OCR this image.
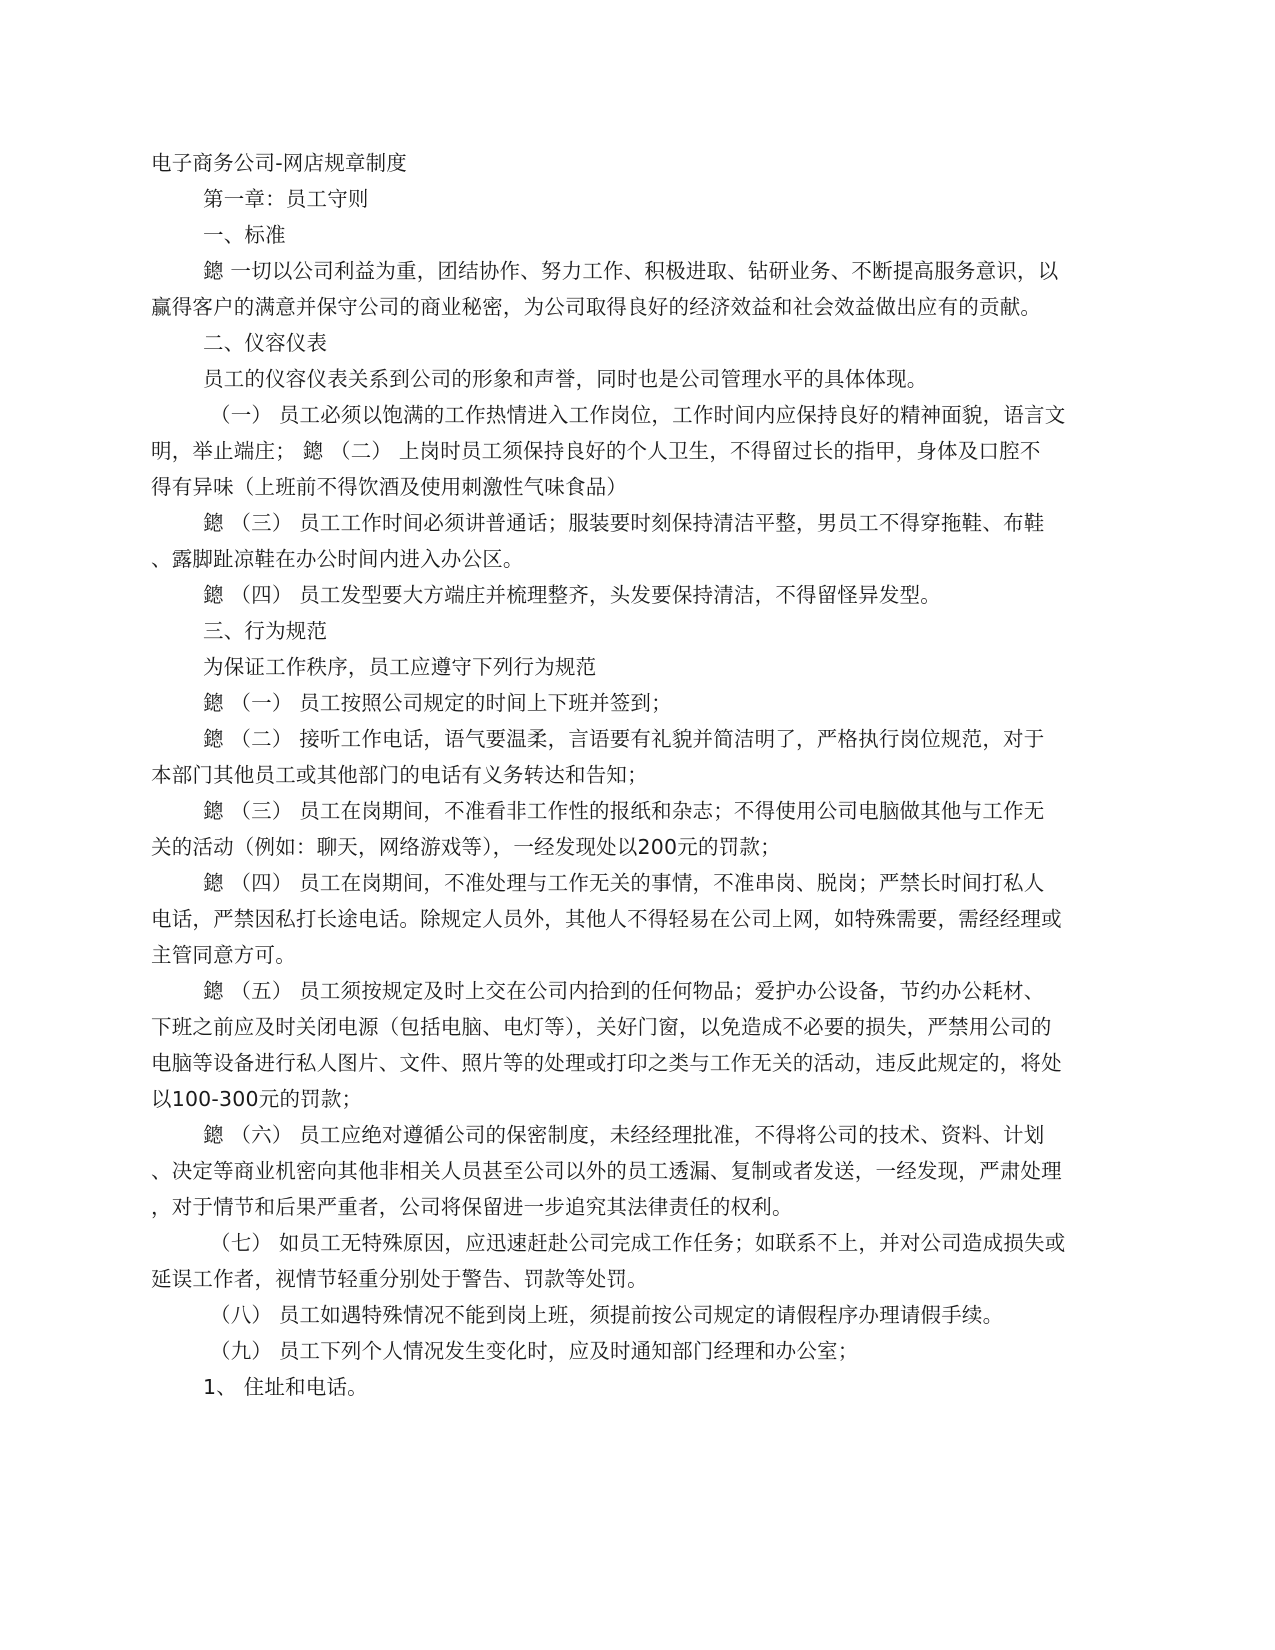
电子商务公司-网店规章制度
第一章：员工守则
一、标准
鏓 一切以公司利益为重，团结协作、努力工作、积极进取、钻研业务、不断提高服务意识，以
赢得客户的满意并保守公司的商业秘密，为公司取得良好的经济效益和社会效益做出应有的贡献。
二、仪容仪表
员工的仪容仪表关系到公司的形象和声誉，同时也是公司管理水平的具体体现。
（一） 员工必须以饱满的工作热情进入工作岗位，工作时间内应保持良好的精神面貌，语言文
明，举止端庄； 鏓 （二） 上岗时员工须保持良好的个人卫生，不得留过长的指甲，身体及口腔不
得有异味（上班前不得饮酒及使用刺激性气味食品）
鏓 （三） 员工工作时间必须讲普通话；服装要时刻保持清洁平整，男员工不得穿拖鞋、布鞋
、露脚趾凉鞋在办公时间内进入办公区。
鏓 （四） 员工发型要大方端庄并梳理整齐，头发要保持清洁，不得留怪异发型。
三、行为规范
为保证工作秩序，员工应遵守下列行为规范
鏓 （一） 员工按照公司规定的时间上下班并签到；
鏓 （二） 接听工作电话，语气要温柔，言语要有礼貌并简洁明了，严格执行岗位规范，对于
本部门其他员工或其他部门的电话有义务转达和告知；
鏓 （三） 员工在岗期间，不准看非工作性的报纸和杂志；不得使用公司电脑做其他与工作无
关的活动（例如：聊天，网络游戏等），一经发现处以200元的罚款；
鏓 （四） 员工在岗期间，不准处理与工作无关的事情，不准串岗、脱岗；严禁长时间打私人
电话，严禁因私打长途电话。除规定人员外，其他人不得轻易在公司上网，如特殊需要，需经经理或
主管同意方可。
鏓 （五） 员工须按规定及时上交在公司内拾到的任何物品；爱护办公设备，节约办公耗材、
下班之前应及时关闭电源（包括电脑、电灯等），关好门窗，以免造成不必要的损失，严禁用公司的
电脑等设备进行私人图片、文件、照片等的处理或打印之类与工作无关的活动，违反此规定的，将处
以100-300元的罚款；
鏓 （六） 员工应绝对遵循公司的保密制度，未经经理批准，不得将公司的技术、资料、计划
、决定等商业机密向其他非相关人员甚至公司以外的员工透漏、复制或者发送，一经发现，严肃处理
，对于情节和后果严重者，公司将保留进一步追究其法律责任的权利。
（七） 如员工无特殊原因，应迅速赶赴公司完成工作任务；如联系不上，并对公司造成损失或
延误工作者，视情节轻重分别处于警告、罚款等处罚。
（八） 员工如遇特殊情况不能到岗上班，须提前按公司规定的请假程序办理请假手续。
（九） 员工下列个人情况发生变化时，应及时通知部门经理和办公室；
1、 住址和电话。
